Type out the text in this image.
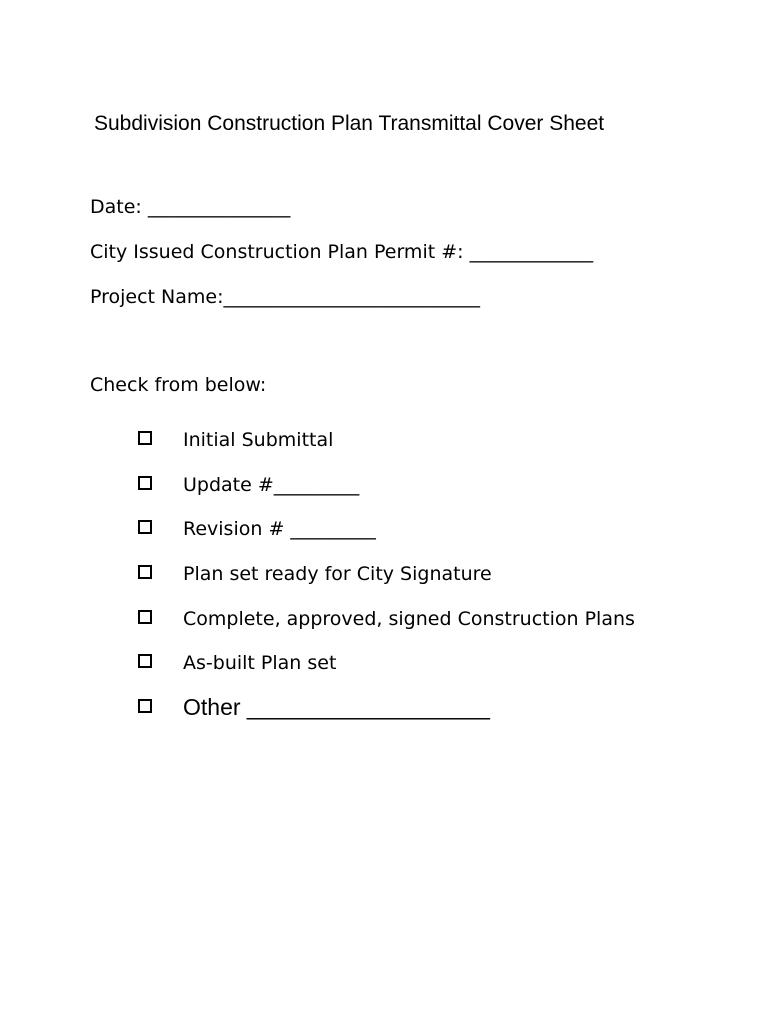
Subdivision Construction Plan Transmittal Cover Sheet
Date: _______________
City Issued Construction Plan Permit #: _____________
Project Name:___________________________
Check from below:
Initial Submittal
Update #_________
Revision # _________
Plan set ready for City Signature
Complete, approved, signed Construction Plans
As-built Plan set
Other ___________________
